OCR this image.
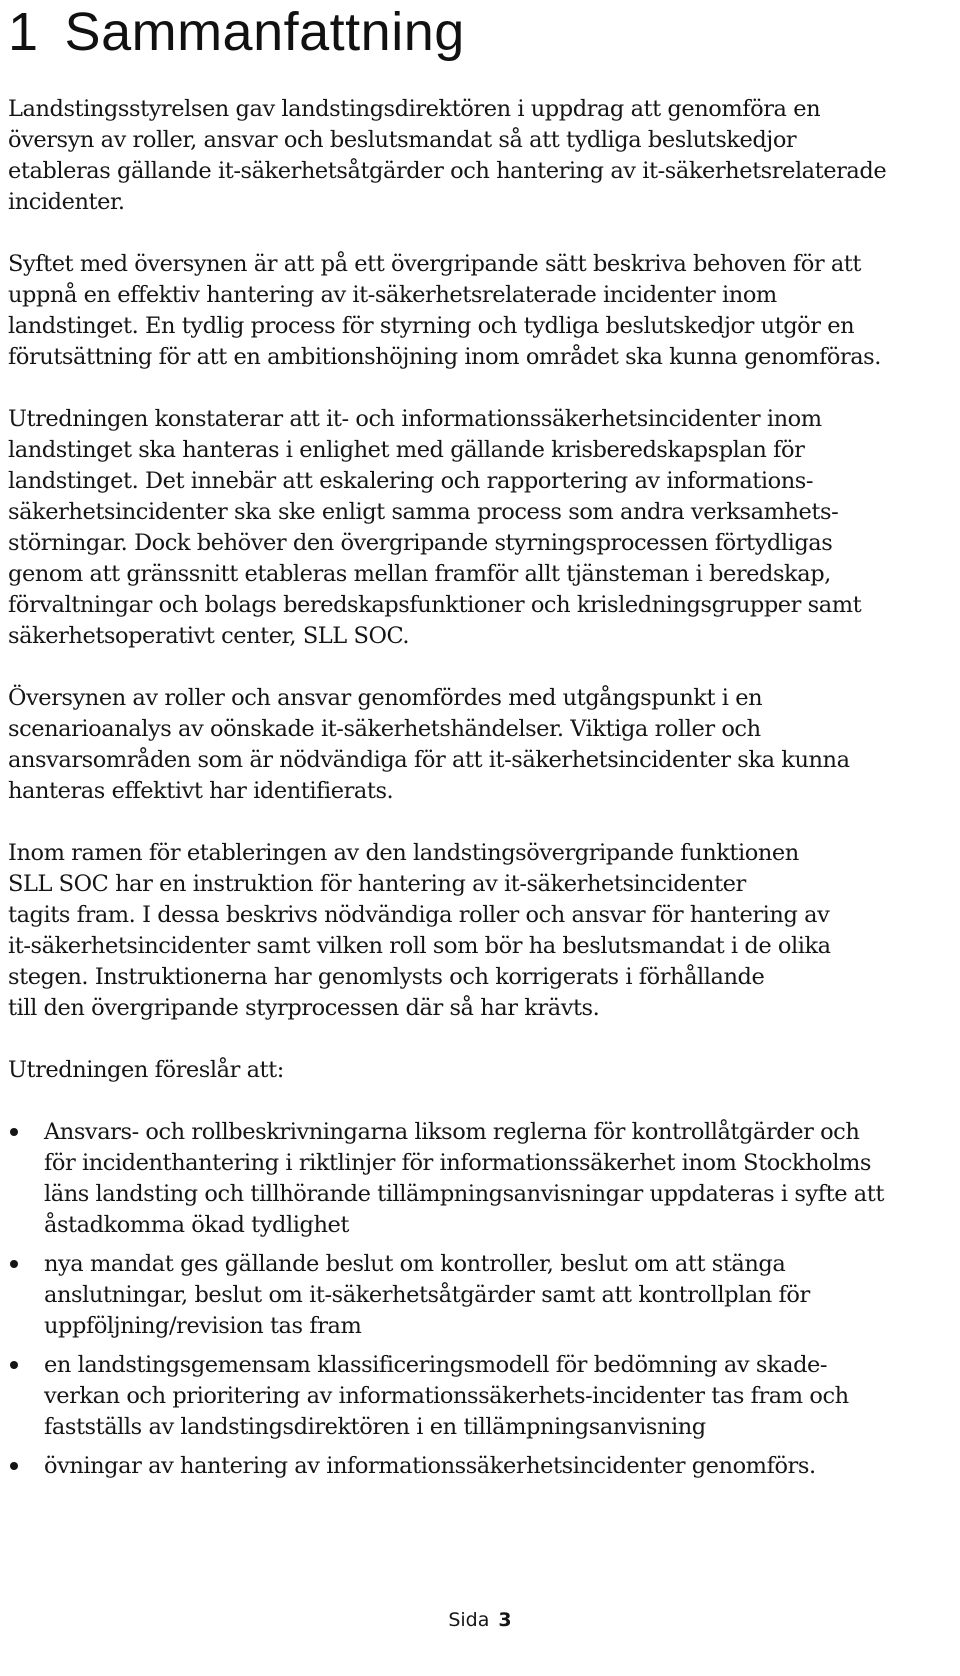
1 Sammanfattning

Landstingsstyrelsen gav landstingsdirektören i uppdrag att genomföra en
översyn av roller, ansvar och beslutsmandat så att tydliga beslutskedjor
etableras gällande it-säkerhetsåtgärder och hantering av it-säkerhetsrelaterade
incidenter.

Syftet med översynen är att på ett övergripande sätt beskriva behoven för att
uppnå en effektiv hantering av it-säkerhetsrelaterade incidenter inom
landstinget. En tydlig process för styrning och tydliga beslutskedjor utgör en
förutsättning för att en ambitionshöjning inom området ska kunna genomföras.

Utredningen konstaterar att it- och informationssäkerhetsincidenter inom
landstinget ska hanteras i enlighet med gällande krisberedskapsplan för
landstinget. Det innebär att eskalering och rapportering av informations-
säkerhetsincidenter ska ske enligt samma process som andra verksamhets-
störningar. Dock behöver den övergripande styrningsprocessen förtydligas
genom att gränssnitt etableras mellan framför allt tjänsteman i beredskap,
förvaltningar och bolags beredskapsfunktioner och krisledningsgrupper samt
säkerhetsoperativt center, SLL SOC.

Översynen av roller och ansvar genomfördes med utgångspunkt i en
scenarioanalys av oönskade it-säkerhetshändelser. Viktiga roller och
ansvarsområden som är nödvändiga för att it-säkerhetsincidenter ska kunna
hanteras effektivt har identifierats.

Inom ramen för etableringen av den landstingsövergripande funktionen
SLL SOC har en instruktion för hantering av it-säkerhetsincidenter
tagits fram. I dessa beskrivs nödvändiga roller och ansvar för hantering av
it-säkerhetsincidenter samt vilken roll som bör ha beslutsmandat i de olika
stegen. Instruktionerna har genomlysts och korrigerats i förhållande
till den övergripande styrprocessen där så har krävts.

Utredningen föreslår att:

Ansvars- och rollbeskrivningarna liksom reglerna för kontrollåtgärder och
för incidenthantering i riktlinjer för informationssäkerhet inom Stockholms
läns landsting och tillhörande tillämpningsanvisningar uppdateras i syfte att
åstadkomma ökad tydlighet
nya mandat ges gällande beslut om kontroller, beslut om att stänga
anslutningar, beslut om it-säkerhetsåtgärder samt att kontrollplan för
uppföljning/revision tas fram
en landstingsgemensam klassificeringsmodell för bedömning av skade-
verkan och prioritering av informationssäkerhets-incidenter tas fram och
fastställs av landstingsdirektören i en tillämpningsanvisning
övningar av hantering av informationssäkerhetsincidenter genomförs.
Sida 3
